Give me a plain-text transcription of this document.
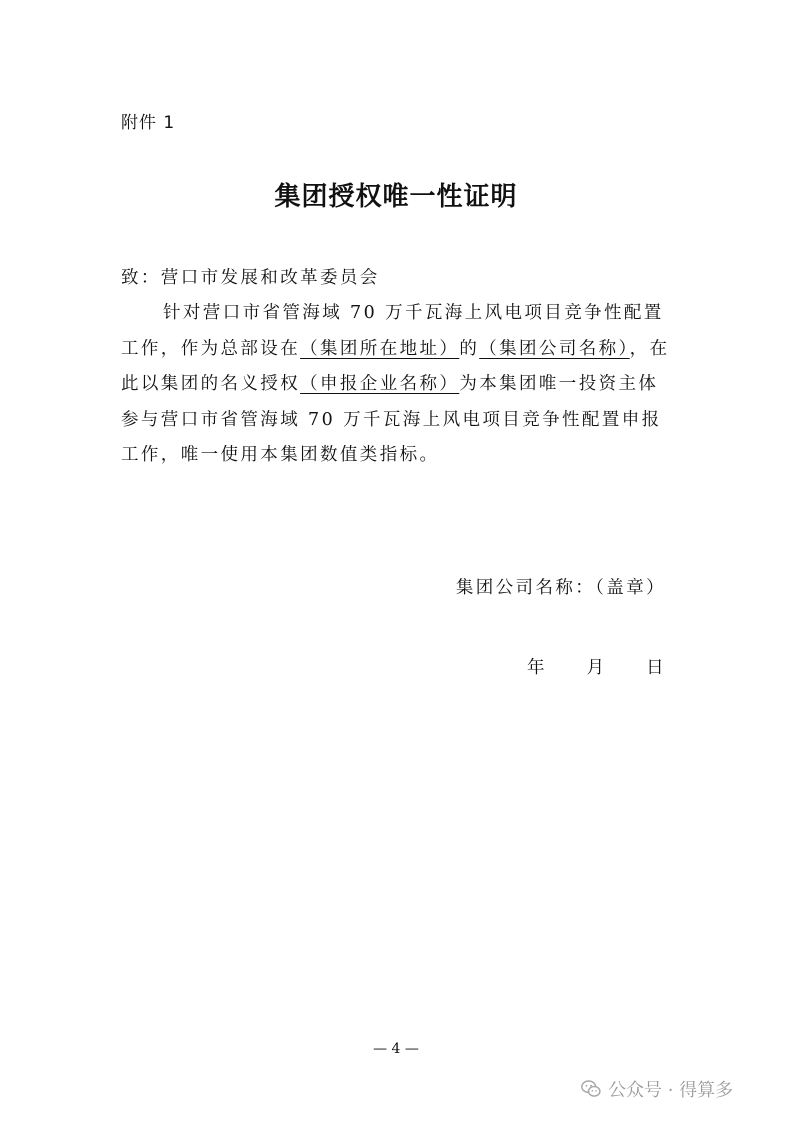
附件 1
集团授权唯一性证明
致：营口市发展和改革委员会
针对营口市省管海域 70 万千瓦海上风电项目竞争性配置工作，作为总部设在（集团所在地址）的（集团公司名称），在此以集团的名义授权（申报企业名称）为本集团唯一投资主体参与营口市省管海域 70 万千瓦海上风电项目竞争性配置申报工作，唯一使用本集团数值类指标。
集团公司名称：（盖章）
年 月 日
— 4 —
公众号 · 得算多
